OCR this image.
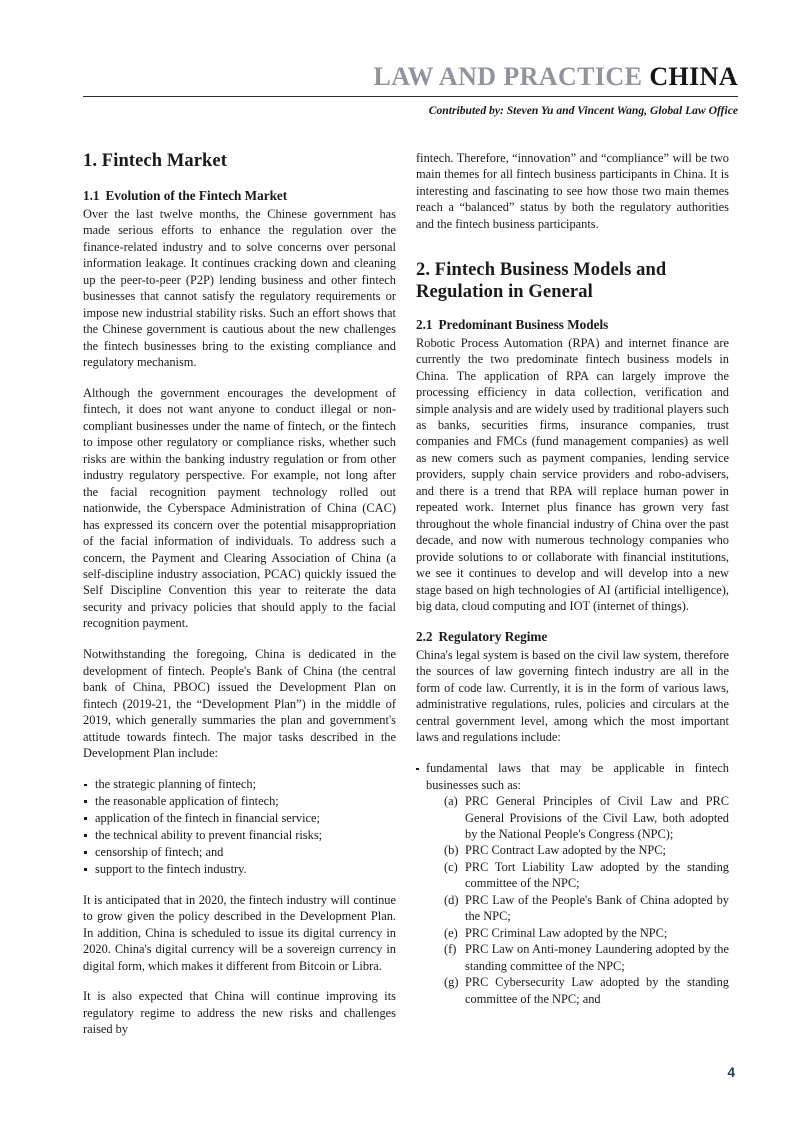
LAW AND PRACTICE CHINA
Contributed by: Steven Yu and Vincent Wang, Global Law Office
1. Fintech Market
1.1 Evolution of the Fintech Market

Over the last twelve months, the Chinese government has made serious efforts to enhance the regulation over the finance-related industry and to solve concerns over personal information leakage. It continues cracking down and cleaning up the peer-to-peer (P2P) lending business and other fintech businesses that cannot satisfy the regulatory requirements or impose new industrial stability risks. Such an effort shows that the Chinese government is cautious about the new challenges the fintech businesses bring to the existing compliance and regulatory mechanism.

Although the government encourages the development of fintech, it does not want anyone to conduct illegal or non-compliant businesses under the name of fintech, or the fintech to impose other regulatory or compliance risks, whether such risks are within the banking industry regulation or from other industry regulatory perspective. For example, not long after the facial recognition payment technology rolled out nationwide, the Cyberspace Administration of China (CAC) has expressed its concern over the potential misappropriation of the facial information of individuals. To address such a concern, the Payment and Clearing Association of China (a self-discipline industry association, PCAC) quickly issued the Self Discipline Convention this year to reiterate the data security and privacy policies that should apply to the facial recognition payment.

Notwithstanding the foregoing, China is dedicated in the development of fintech. People's Bank of China (the central bank of China, PBOC) issued the Development Plan on fintech (2019-21, the “Development Plan”) in the middle of 2019, which generally summaries the plan and government's attitude towards fintech. The major tasks described in the Development Plan include:

the strategic planning of fintech;
the reasonable application of fintech;
application of the fintech in financial service;
the technical ability to prevent financial risks;
censorship of fintech; and
support to the fintech industry.

It is anticipated that in 2020, the fintech industry will continue to grow given the policy described in the Development Plan. In addition, China is scheduled to issue its digital currency in 2020. China's digital currency will be a sovereign currency in digital form, which makes it different from Bitcoin or Libra.

It is also expected that China will continue improving its regulatory regime to address the new risks and challenges raised by

fintech. Therefore, “innovation” and “compliance” will be two main themes for all fintech business participants in China. It is interesting and fascinating to see how those two main themes reach a “balanced” status by both the regulatory authorities and the fintech business participants.

2. Fintech Business Models and Regulation in General
2.1 Predominant Business Models

Robotic Process Automation (RPA) and internet finance are currently the two predominate fintech business models in China. The application of RPA can largely improve the processing efficiency in data collection, verification and simple analysis and are widely used by traditional players such as banks, securities firms, insurance companies, trust companies and FMCs (fund management companies) as well as new comers such as payment companies, lending service providers, supply chain service providers and robo-advisers, and there is a trend that RPA will replace human power in repeated work. Internet plus finance has grown very fast throughout the whole financial industry of China over the past decade, and now with numerous technology companies who provide solutions to or collaborate with financial institutions, we see it continues to develop and will develop into a new stage based on high technologies of AI (artificial intelligence), big data, cloud computing and IOT (internet of things).

2.2 Regulatory Regime

China's legal system is based on the civil law system, therefore the sources of law governing fintech industry are all in the form of code law. Currently, it is in the form of various laws, administrative regulations, rules, policies and circulars at the central government level, among which the most important laws and regulations include:

fundamental laws that may be applicable in fintech businesses such as:
(a) PRC General Principles of Civil Law and PRC General Provisions of the Civil Law, both adopted by the National People's Congress (NPC);
(b) PRC Contract Law adopted by the NPC;
(c) PRC Tort Liability Law adopted by the standing committee of the NPC;
(d) PRC Law of the People's Bank of China adopted by the NPC;
(e) PRC Criminal Law adopted by the NPC;
(f) PRC Law on Anti-money Laundering adopted by the standing committee of the NPC;
(g) PRC Cybersecurity Law adopted by the standing committee of the NPC; and
4
